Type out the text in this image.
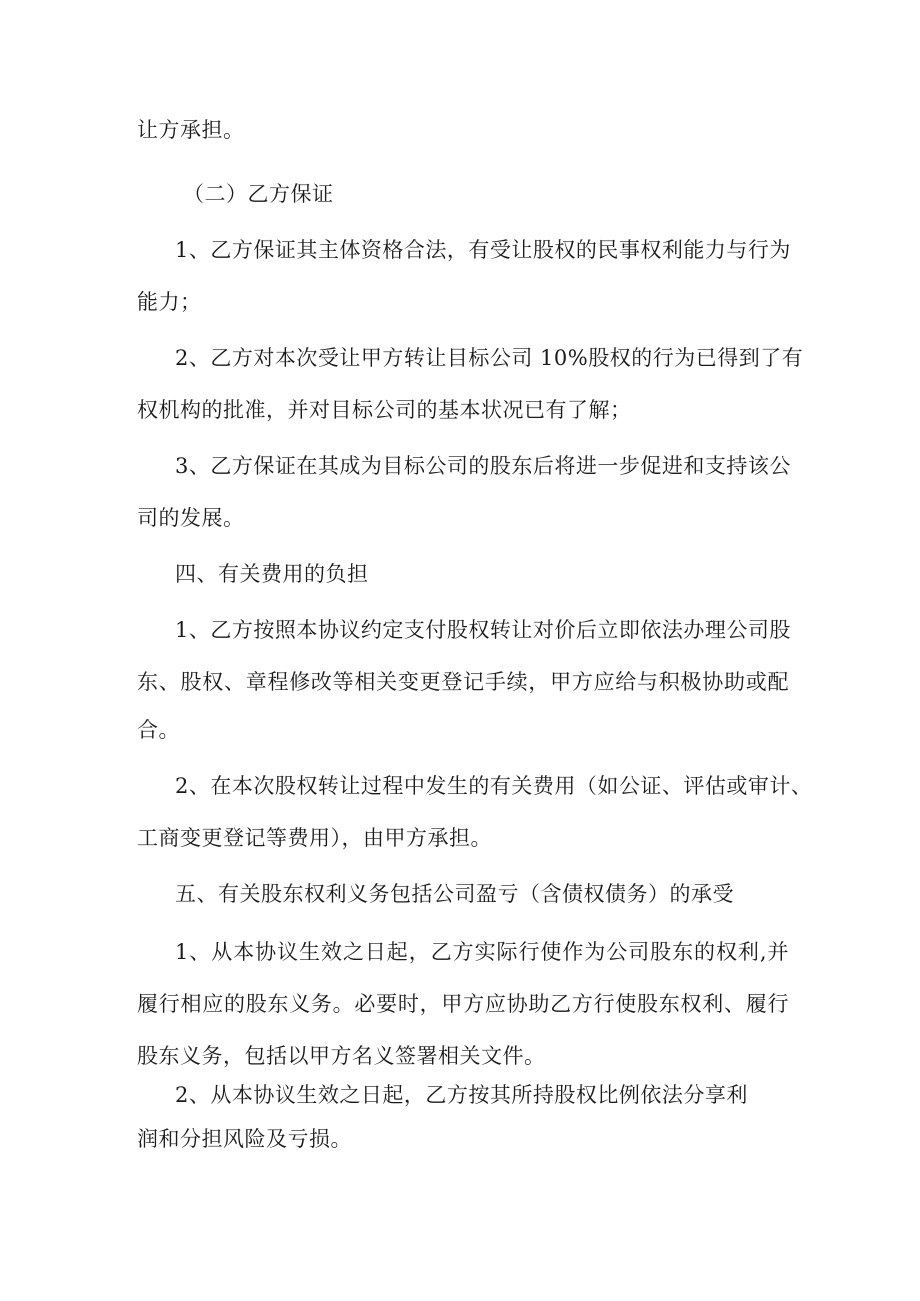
让方承担。
（二）乙方保证
1、乙方保证其主体资格合法，有受让股权的民事权利能力与行为
能力；
2、乙方对本次受让甲方转让目标公司 10%股权的行为已得到了有
权机构的批准，并对目标公司的基本状况已有了解；
3、乙方保证在其成为目标公司的股东后将进一步促进和支持该公
司的发展。
四、有关费用的负担
1、乙方按照本协议约定支付股权转让对价后立即依法办理公司股
东、股权、章程修改等相关变更登记手续，甲方应给与积极协助或配
合。
2、在本次股权转让过程中发生的有关费用（如公证、评估或审计、
工商变更登记等费用），由甲方承担。
五、有关股东权利义务包括公司盈亏（含债权债务）的承受
1、从本协议生效之日起，乙方实际行使作为公司股东的权利,并
履行相应的股东义务。必要时，甲方应协助乙方行使股东权利、履行
股东义务，包括以甲方名义签署相关文件。
2、从本协议生效之日起，乙方按其所持股权比例依法分享利
润和分担风险及亏损。
